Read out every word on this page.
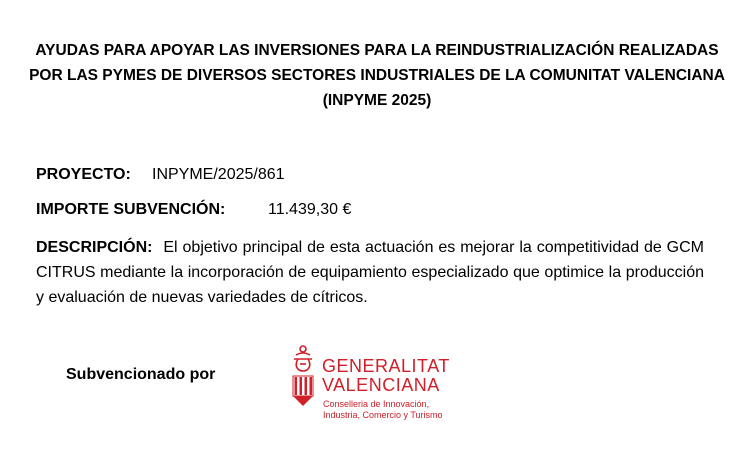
AYUDAS PARA APOYAR LAS INVERSIONES PARA LA REINDUSTRIALIZACIÓN REALIZADAS
POR LAS PYMES DE DIVERSOS SECTORES INDUSTRIALES DE LA COMUNITAT VALENCIANA
(INPYME 2025)
PROYECTO: INPYME/2025/861
IMPORTE SUBVENCIÓN:	11.439,30 €
DESCRIPCIÓN: El objetivo principal de esta actuación es mejorar la competitividad de GCM CITRUS mediante la incorporación de equipamiento especializado que optimice la producción y evaluación de nuevas variedades de cítricos.
Subvencionado por	GENERALITAT
VALENCIANA
Conselleria de Innovación,
Industria, Comercio y Turismo
